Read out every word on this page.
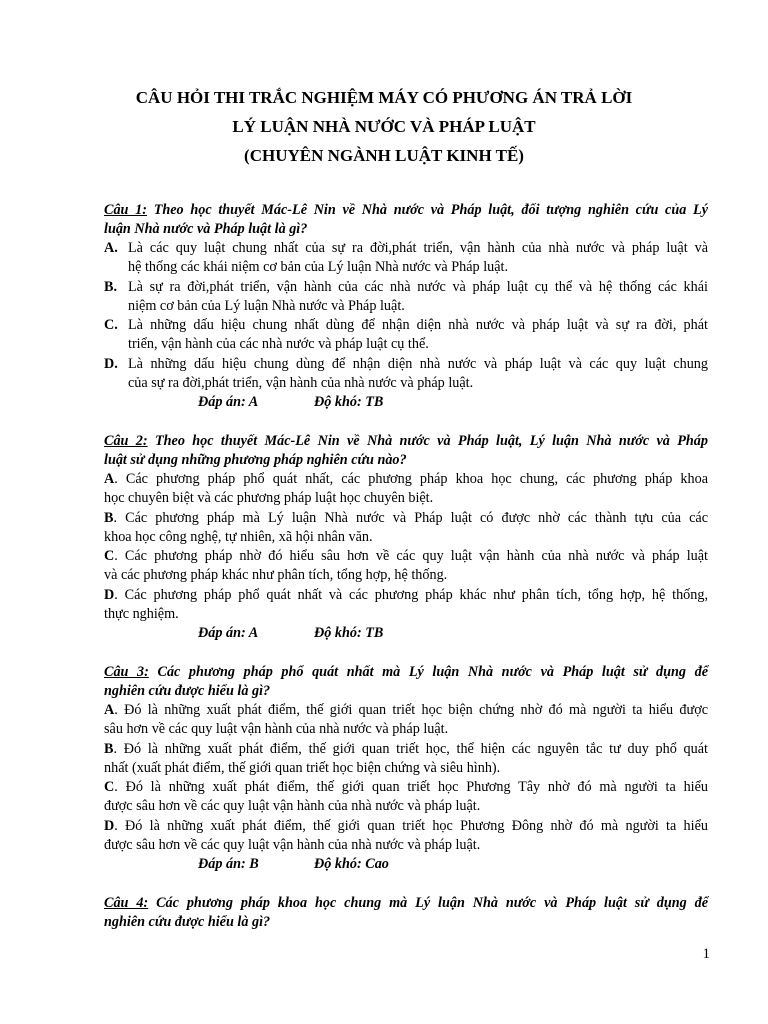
CÂU HỎI THI TRẮC NGHIỆM MÁY CÓ PHƯƠNG ÁN TRẢ LỜI
LÝ LUẬN NHÀ NƯỚC VÀ PHÁP LUẬT
(CHUYÊN NGÀNH LUẬT KINH TẾ)
Câu 1: Theo học thuyết Mác-Lê Nin về Nhà nước và Pháp luật, đối tượng nghiên cứu của Lý
luận Nhà nước và Pháp luật là gì?
A. Là các quy luật chung nhất của sự ra đời,phát triển, vận hành của nhà nước và pháp luật và
hệ thống các khái niệm cơ bản của Lý luận Nhà nước và Pháp luật.
B. Là sự ra đời,phát triển, vận hành của các nhà nước và pháp luật cụ thể và hệ thống các khái
niệm cơ bản của Lý luận Nhà nước và Pháp luật.
C. Là những dấu hiệu chung nhất dùng để nhận diện nhà nước và pháp luật và sự ra đời, phát
triển, vận hành của các nhà nước và pháp luật cụ thể.
D. Là những dấu hiệu chung dùng để nhận diện nhà nước và pháp luật và các quy luật chung
của sự ra đời,phát triển, vận hành của nhà nước và pháp luật.
Đáp án: A	Độ khó: TB
Câu 2: Theo học thuyết Mác-Lê Nin về Nhà nước và Pháp luật, Lý luận Nhà nước và Pháp
luật sử dụng những phương pháp nghiên cứu nào?
A. Các phương pháp phổ quát nhất, các phương pháp khoa học chung, các phương pháp khoa
học chuyên biệt và các phương pháp luật học chuyên biệt.
B. Các phương pháp mà Lý luận Nhà nước và Pháp luật có được nhờ các thành tựu của các
khoa học công nghệ, tự nhiên, xã hội nhân văn.
C. Các phương pháp nhờ đó hiểu sâu hơn về các quy luật vận hành của nhà nước và pháp luật
và các phương pháp khác như phân tích, tổng hợp, hệ thống.
D. Các phương pháp phổ quát nhất và các phương pháp khác như phân tích, tổng hợp, hệ thống,
thực nghiệm.
Đáp án: A	Độ khó: TB
Câu 3: Các phương pháp phổ quát nhất mà Lý luận Nhà nước và Pháp luật sử dụng để
nghiên cứu được hiểu là gì?
A. Đó là những xuất phát điểm, thế giới quan triết học biện chứng nhờ đó mà người ta hiểu được
sâu hơn về các quy luật vận hành của nhà nước và pháp luật.
B. Đó là những xuất phát điểm, thế giới quan triết học, thể hiện các nguyên tắc tư duy phổ quát
nhất (xuất phát điểm, thế giới quan triết học biện chứng và siêu hình).
C. Đó là những xuất phát điểm, thế giới quan triết học Phương Tây nhờ đó mà người ta hiểu
được sâu hơn về các quy luật vận hành của nhà nước và pháp luật.
D. Đó là những xuất phát điểm, thế giới quan triết học Phương Đông nhờ đó mà người ta hiểu
được sâu hơn về các quy luật vận hành của nhà nước và pháp luật.
Đáp án: B	Độ khó: Cao
Câu 4: Các phương pháp khoa học chung mà Lý luận Nhà nước và Pháp luật sử dụng để
nghiên cứu được hiểu là gì?
1
